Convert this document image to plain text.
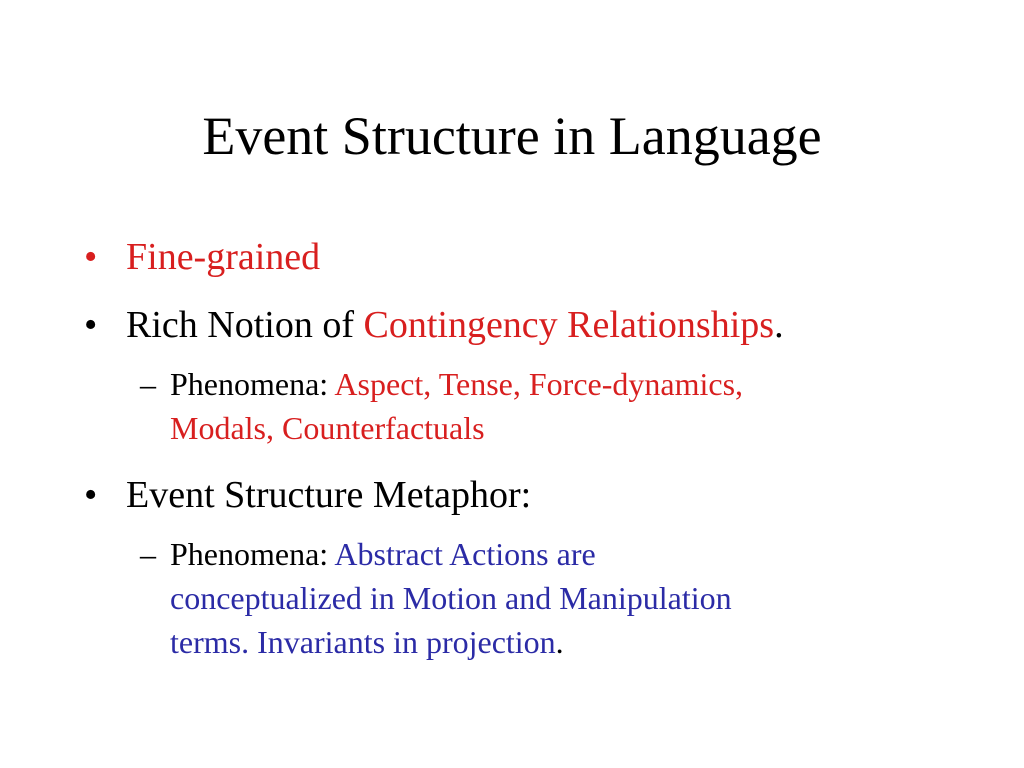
Event Structure in Language
• Fine-grained
• Rich Notion of Contingency Relationships.
– Phenomena: Aspect, Tense, Force-dynamics,
Modals, Counterfactuals
• Event Structure Metaphor:
– Phenomena: Abstract Actions are
conceptualized in Motion and Manipulation
terms. Invariants in projection.
